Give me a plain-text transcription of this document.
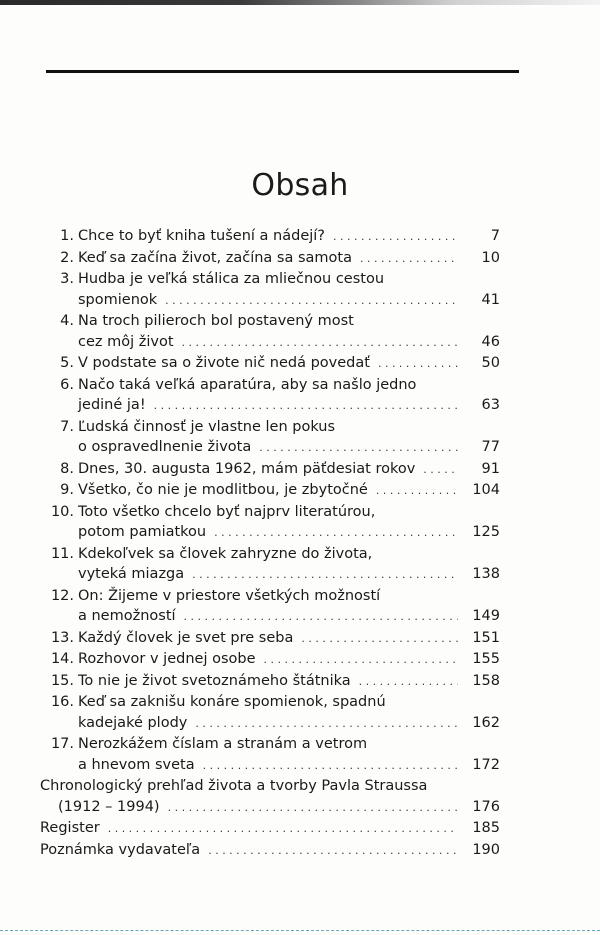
Obsah
1. Chce to byť kniha tušení a nádejí? . . .	7
2. Keď sa začína život, začína sa samota . . .	10
3. Hudba je veľká stálica za mliečnou cestou
spomienok . . .	41
4. Na troch pilieroch bol postavený most
cez môj život . . .	46
5. V podstate sa o živote nič nedá povedať . . .	50
6. Načo taká veľká aparatúra, aby sa našlo jedno
jediné ja! . . .	63
7. Ľudská činnosť je vlastne len pokus
o ospravedlnenie života . . .	77
8. Dnes, 30. augusta 1962, mám päťdesiat rokov . . .	91
9. Všetko, čo nie je modlitbou, je zbytočné . . .	104
10. Toto všetko chcelo byť najprv literatúrou,
potom pamiatkou . . .	125
11. Kdekoľvek sa človek zahryzne do života,
vyteká miazga . . .	138
12. On: Žijeme v priestore všetkých možností
a nemožností . . .	149
13. Každý človek je svet pre seba . . .	151
14. Rozhovor v jednej osobe . . .	155
15. To nie je život svetoznámeho štátnika . . .	158
16. Keď sa zaknišu konáre spomienok, spadnú
kadejaké plody . . .	162
17. Nerozkážem číslam a stranám a vetrom
a hnevom sveta . . .	172
Chronologický prehľad života a tvorby Pavla Straussa
(1912 – 1994) . . .	176
Register . . .	185
Poznámka vydavateľa . . .	190
